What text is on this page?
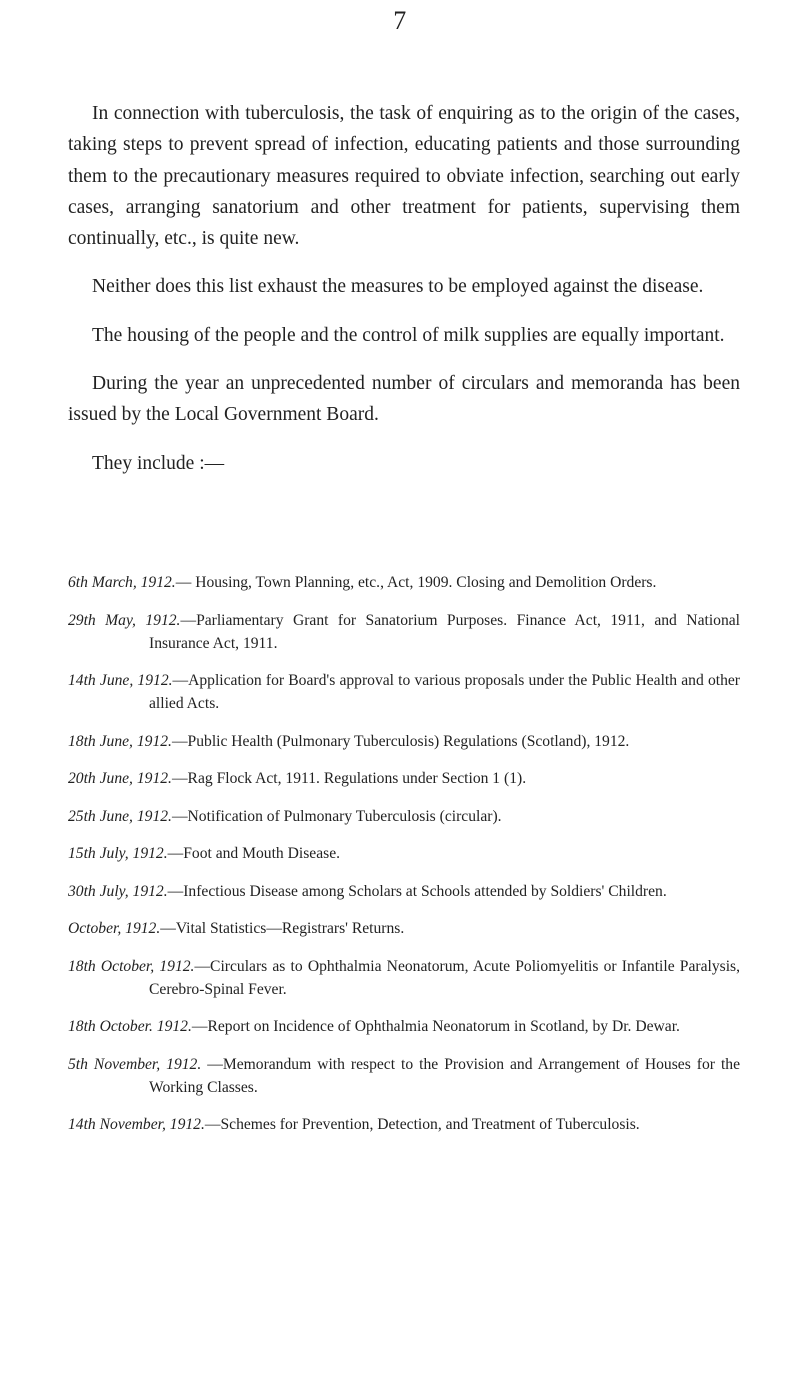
7

In connection with tuberculosis, the task of enquiring as to the origin of the cases, taking steps to prevent spread of infection, educating patients and those surrounding them to the precautionary measures required to obviate infection, searching out early cases, arranging sanatorium and other treatment for patients, supervising them continually, etc., is quite new.

Neither does this list exhaust the measures to be employed against the disease.

The housing of the people and the control of milk supplies are equally important.

During the year an unprecedented number of circulars and memoranda has been issued by the Local Government Board.

They include :—

6th March, 1912.— Housing, Town Planning, etc., Act, 1909. Closing and Demolition Orders.
29th May, 1912.—Parliamentary Grant for Sanatorium Purposes. Finance Act, 1911, and National Insurance Act, 1911.
14th June, 1912.—Application for Board's approval to various proposals under the Public Health and other allied Acts.
18th June, 1912.—Public Health (Pulmonary Tuberculosis) Regulations (Scotland), 1912.
20th June, 1912.—Rag Flock Act, 1911. Regulations under Section 1 (1).
25th June, 1912.—Notification of Pulmonary Tuberculosis (circular).
15th July, 1912.—Foot and Mouth Disease.
30th July, 1912.—Infectious Disease among Scholars at Schools attended by Soldiers' Children.
October, 1912.—Vital Statistics—Registrars' Returns.
18th October, 1912.—Circulars as to Ophthalmia Neonatorum, Acute Poliomyelitis or Infantile Paralysis, Cerebro-Spinal Fever.
18th October. 1912.—Report on Incidence of Ophthalmia Neonatorum in Scotland, by Dr. Dewar.
5th November, 1912. —Memorandum with respect to the Provision and Arrangement of Houses for the Working Classes.
14th November, 1912.—Schemes for Prevention, Detection, and Treatment of Tuberculosis.
